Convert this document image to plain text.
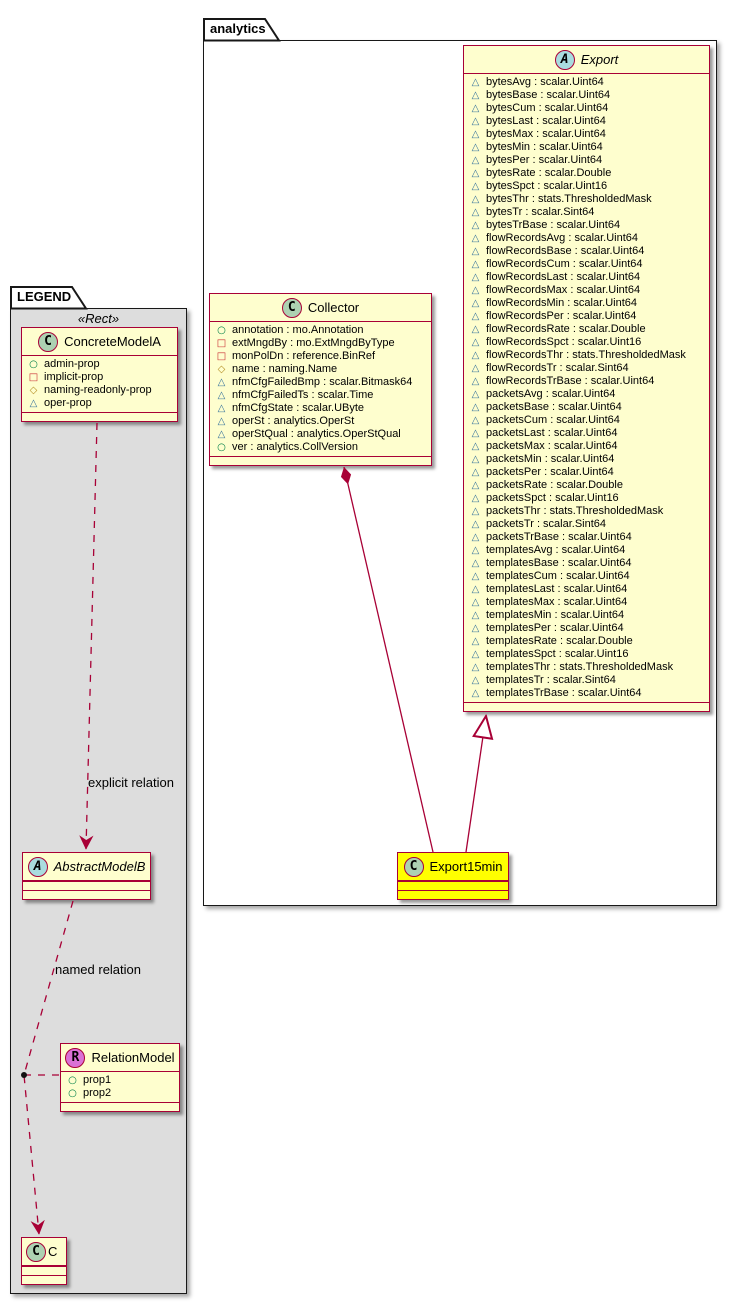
analytics
LEGEND
«Rect»
A Export
△
bytesAvg : scalar.Uint64
△
bytesBase : scalar.Uint64
△
bytesCum : scalar.Uint64
△
bytesLast : scalar.Uint64
△
bytesMax : scalar.Uint64
△
bytesMin : scalar.Uint64
△
bytesPer : scalar.Uint64
△
bytesRate : scalar.Double
△
bytesSpct : scalar.Uint16
△
bytesThr : stats.ThresholdedMask
△
bytesTr : scalar.Sint64
△
bytesTrBase : scalar.Uint64
△
flowRecordsAvg : scalar.Uint64
△
flowRecordsBase : scalar.Uint64
△
flowRecordsCum : scalar.Uint64
△
flowRecordsLast : scalar.Uint64
△
flowRecordsMax : scalar.Uint64
△
flowRecordsMin : scalar.Uint64
△
flowRecordsPer : scalar.Uint64
△
flowRecordsRate : scalar.Double
△
flowRecordsSpct : scalar.Uint16
△
flowRecordsThr : stats.ThresholdedMask
△
flowRecordsTr : scalar.Sint64
△
flowRecordsTrBase : scalar.Uint64
△
packetsAvg : scalar.Uint64
△
packetsBase : scalar.Uint64
△
packetsCum : scalar.Uint64
△
packetsLast : scalar.Uint64
△
packetsMax : scalar.Uint64
△
packetsMin : scalar.Uint64
△
packetsPer : scalar.Uint64
△
packetsRate : scalar.Double
△
packetsSpct : scalar.Uint16
△
packetsThr : stats.ThresholdedMask
△
packetsTr : scalar.Sint64
△
packetsTrBase : scalar.Uint64
△
templatesAvg : scalar.Uint64
△
templatesBase : scalar.Uint64
△
templatesCum : scalar.Uint64
△
templatesLast : scalar.Uint64
△
templatesMax : scalar.Uint64
△
templatesMin : scalar.Uint64
△
templatesPer : scalar.Uint64
△
templatesRate : scalar.Double
△
templatesSpct : scalar.Uint16
△
templatesThr : stats.ThresholdedMask
△
templatesTr : scalar.Sint64
△
templatesTrBase : scalar.Uint64
C Collector
○
annotation : mo.Annotation
□
extMngdBy : mo.ExtMngdByType
□
monPolDn : reference.BinRef
◇
name : naming.Name
△
nfmCfgFailedBmp : scalar.Bitmask64
△
nfmCfgFailedTs : scalar.Time
△
nfmCfgState : scalar.UByte
△
operSt : analytics.OperSt
△
operStQual : analytics.OperStQual
○
ver : analytics.CollVersion
C Export15min
C ConcreteModelA
○
admin-prop
□
implicit-prop
◇
naming-readonly-prop
△
oper-prop
A AbstractModelB
R RelationModel
○
prop1
○
prop2
C C
explicit relation
named relation
